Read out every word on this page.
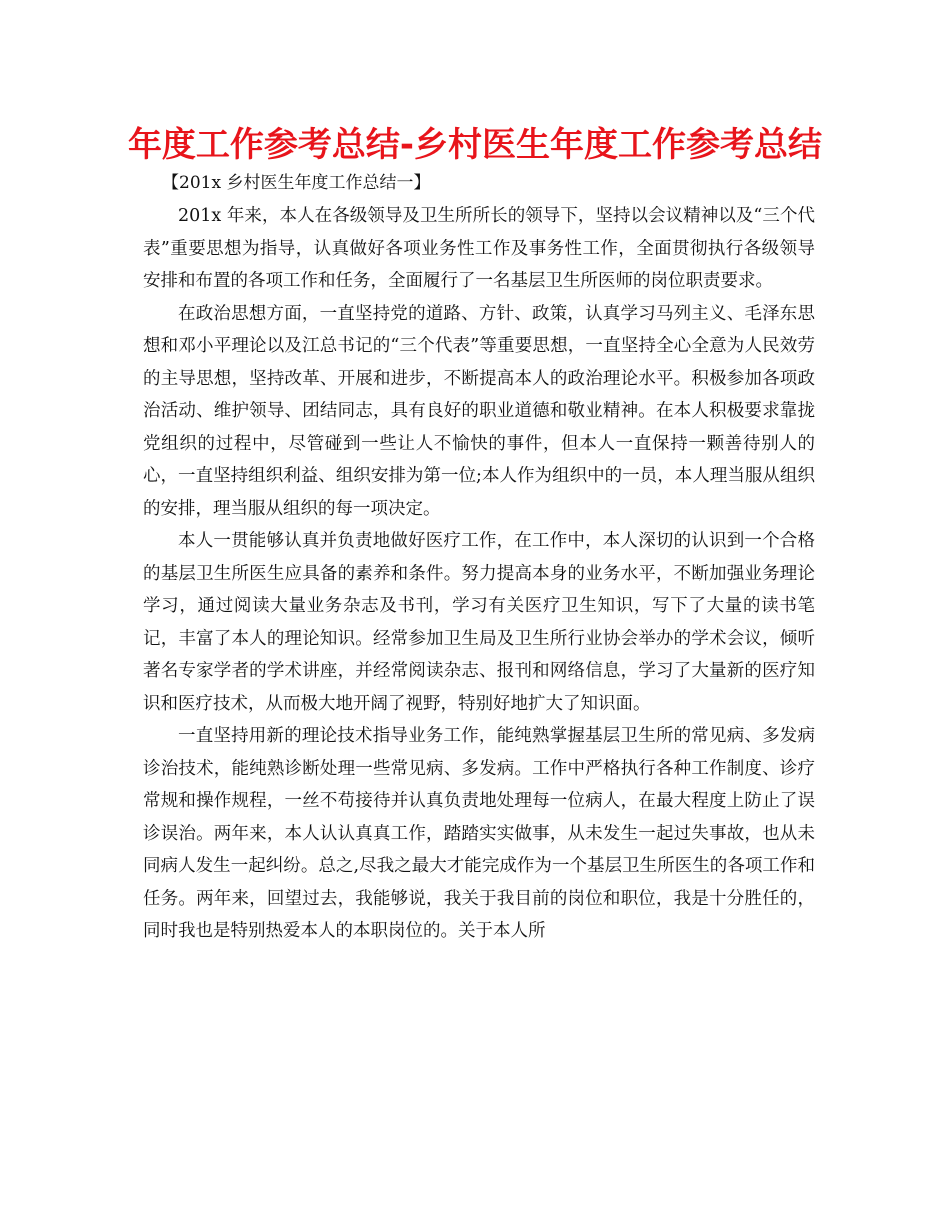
年度工作参考总结-乡村医生年度工作参考总结
【201x 乡村医生年度工作总结一】

201x 年来，本人在各级领导及卫生所所长的领导下，坚持以会议精神以及“三个代表”重要思想为指导，认真做好各项业务性工作及事务性工作，全面贯彻执行各级领导安排和布置的各项工作和任务，全面履行了一名基层卫生所医师的岗位职责要求。

在政治思想方面，一直坚持党的道路、方针、政策，认真学习马列主义、毛泽东思想和邓小平理论以及江总书记的“三个代表”等重要思想，一直坚持全心全意为人民效劳的主导思想，坚持改革、开展和进步，不断提高本人的政治理论水平。积极参加各项政治活动、维护领导、团结同志，具有良好的职业道德和敬业精神。在本人积极要求靠拢党组织的过程中，尽管碰到一些让人不愉快的事件，但本人一直保持一颗善待别人的心，一直坚持组织利益、组织安排为第一位;本人作为组织中的一员，本人理当服从组织的安排，理当服从组织的每一项决定。

本人一贯能够认真并负责地做好医疗工作，在工作中，本人深切的认识到一个合格的基层卫生所医生应具备的素养和条件。努力提高本身的业务水平，不断加强业务理论学习，通过阅读大量业务杂志及书刊，学习有关医疗卫生知识，写下了大量的读书笔记，丰富了本人的理论知识。经常参加卫生局及卫生所行业协会举办的学术会议，倾听著名专家学者的学术讲座，并经常阅读杂志、报刊和网络信息，学习了大量新的医疗知识和医疗技术，从而极大地开阔了视野，特别好地扩大了知识面。

一直坚持用新的理论技术指导业务工作，能纯熟掌握基层卫生所的常见病、多发病诊治技术，能纯熟诊断处理一些常见病、多发病。工作中严格执行各种工作制度、诊疗常规和操作规程，一丝不苟接待并认真负责地处理每一位病人，在最大程度上防止了误诊误治。两年来，本人认认真真工作，踏踏实实做事，从未发生一起过失事故，也从未同病人发生一起纠纷。总之,尽我之最大才能完成作为一个基层卫生所医生的各项工作和任务。两年来，回望过去，我能够说，我关于我目前的岗位和职位，我是十分胜任的，同时我也是特别热爱本人的本职岗位的。关于本人所
